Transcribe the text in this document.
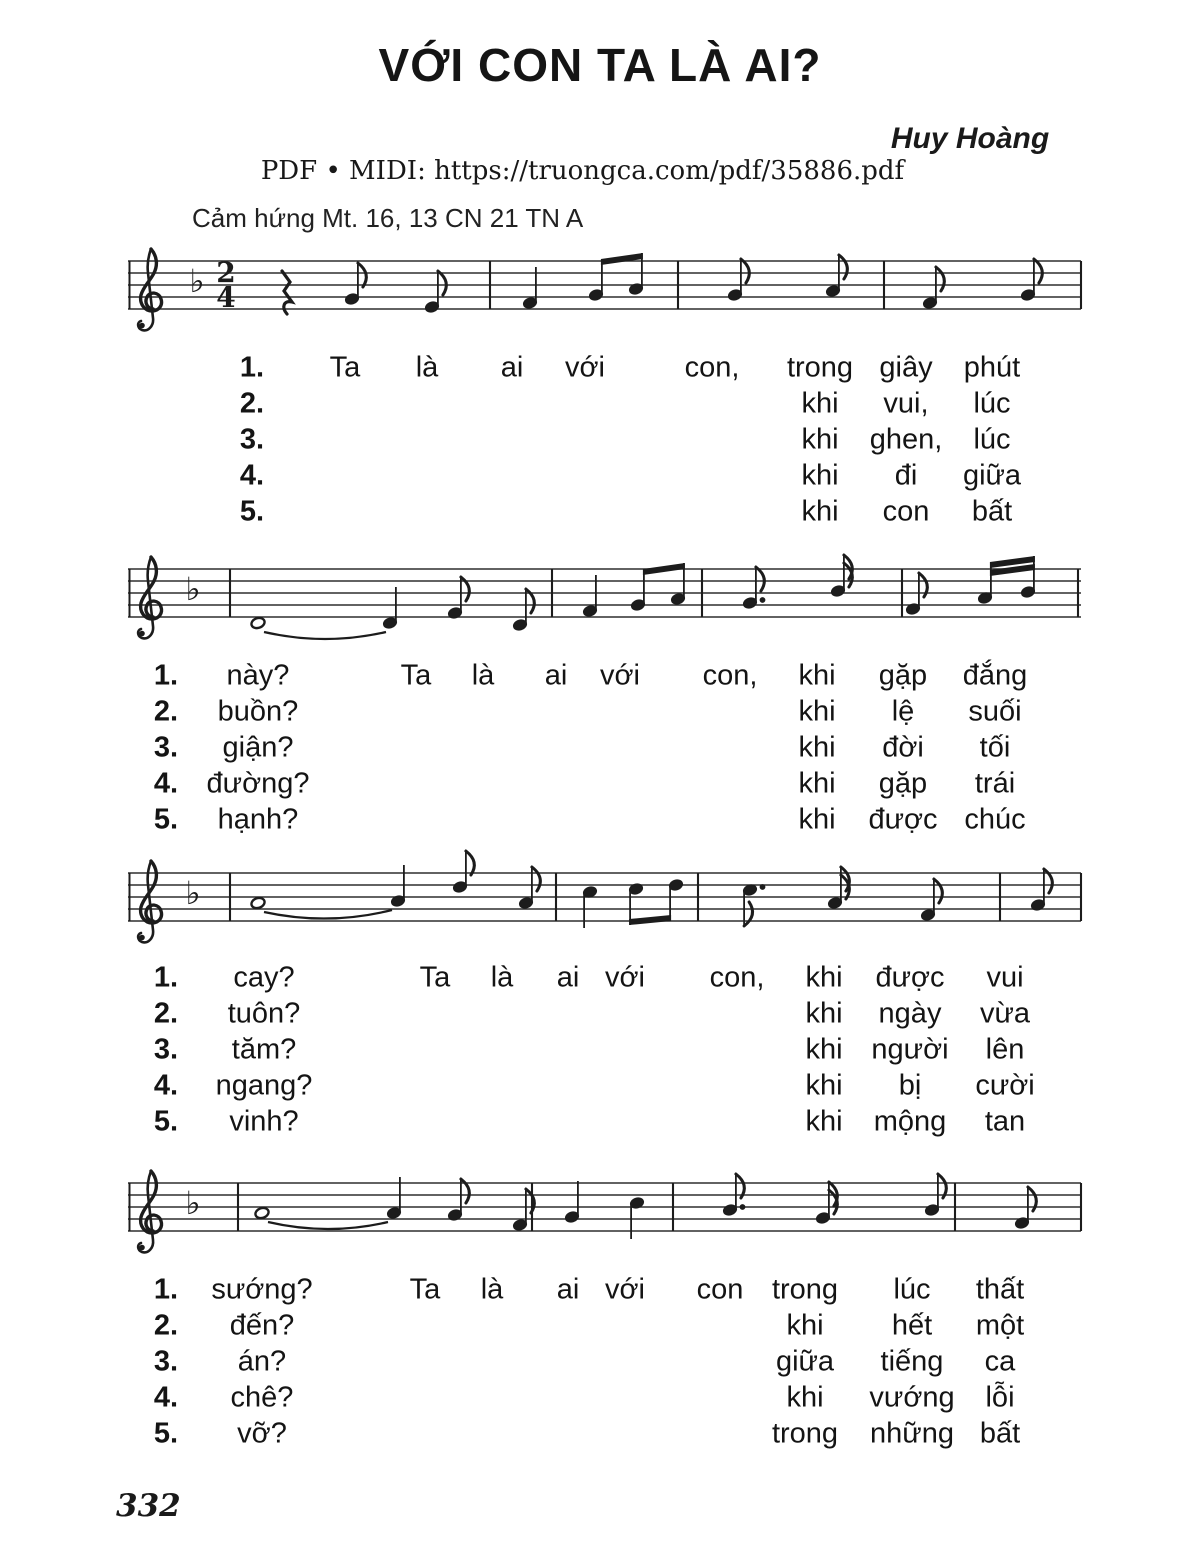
VỚI CON TA LÀ AI?
Huy Hoàng
PDF • MIDI: https://truongca.com/pdf/35886.pdf
Cảm hứng Mt. 16, 13 CN 21 TN A
♭ 2
4
♭
♭
♭
1. Ta là ai với	con, trong giây phút
2.	khi vui, lúc
3.	khi ghen, lúc
4.	khi đi giữa
5.	khi con bất
1. này?	Ta là ai với con, khi gặp đắng
2. buồn?	khi lệ suối
3. giận?	khi đời tối
4. đường?	khi gặp trái
5. hạnh?	khi được chúc
1. cay?	Ta là ai với con, khi được vui
2. tuôn?	khi ngày vừa
3. tăm?	khi người lên
4. ngang?	khi bị cười
5. vinh?	khi mộng tan
1. sướng?	Ta là ai với con trong lúc thất
2. đến?	khi hết một
3. án?	giữa tiếng ca
4. chê?	khi vướng lỗi
5. vỡ?	trong những bất
332
